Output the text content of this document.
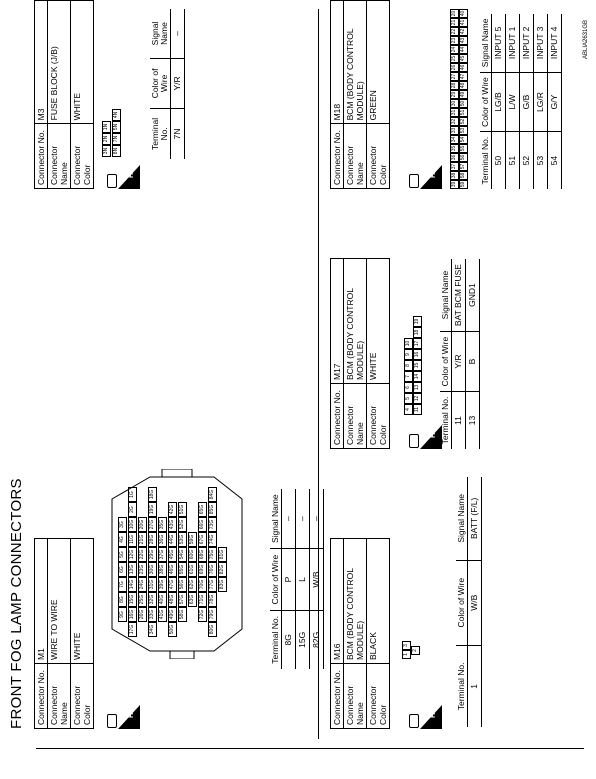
FRONT FOG LAMP CONNECTORS
ABLIA2631GB
Connector No.	M1
Connector Name	WIRE TO WIRE
Connector Color	WHITE
H.S.
9G
8G
7G
6G
5G
4G
3G
17G
16G
15G
14G
13G
12G
11G
10G
2G
1G
26G
25G
24G
23G
22G
21G
20G
34G
33G
32G
31G
30G
29G
28G
27G
19G
18G
41G
40G
39G
38G
37G
36G
35G
50G
49G
48G
47G
46G
45G
44G
43G
42G
58G
57G
56G
55G
54G
53G
52G
51G
63G
62G
61G
60G
59G
72G
71G
70G
69G
68G
67G
66G
65G
80G
79G
78G
77G
76G
75G
74G
73G
85G
84G
83G
82G
81G
Terminal No.	Color of Wire	Signal Name
8G	P	–
15G	L	–
82G	W/B	–
Connector No.	M3
Connector Name	FUSE BLOCK (J/B)
Connector Color	WHITE
H.S.
3N
2N
1N
8N
7N
5N
4N
Terminal No.	Color of Wire	Signal Name
7N	Y/R	–
Connector No.	M16
Connector Name	BCM (BODY CONTROL MODULE)
Connector Color	BLACK
H.S.
1
3
2
Terminal No.	Color of Wire	Signal Name
1	W/B	BATT (F/L)
Connector No.	M17
Connector Name	BCM (BODY CONTROL MODULE)
Connector Color	WHITE
H.S.
4
5
6
7
8
9
10
11
12
13
14
15
16
17
18
19
Terminal No.	Color of Wire	Signal Name
11	Y/R	BAT BCM FUSE
13	B	GND1
Connector No.	M18
Connector Name	BCM (BODY CONTROL MODULE)
Connector Color	GREEN
H.S.
39
38
37
36
35
34
33
32
31
30
29
28
27
26
25
24
23
22
21
20
59
58
57
56
55
54
53
52
51
50
49
48
47
46
45
44
43
42
41
40
Terminal No.	Color of Wire	Signal Name
50	LG/B	INPUT 5
51	L/W	INPUT 1
52	G/B	INPUT 2
53	LG/R	INPUT 3
54	G/Y	INPUT 4
